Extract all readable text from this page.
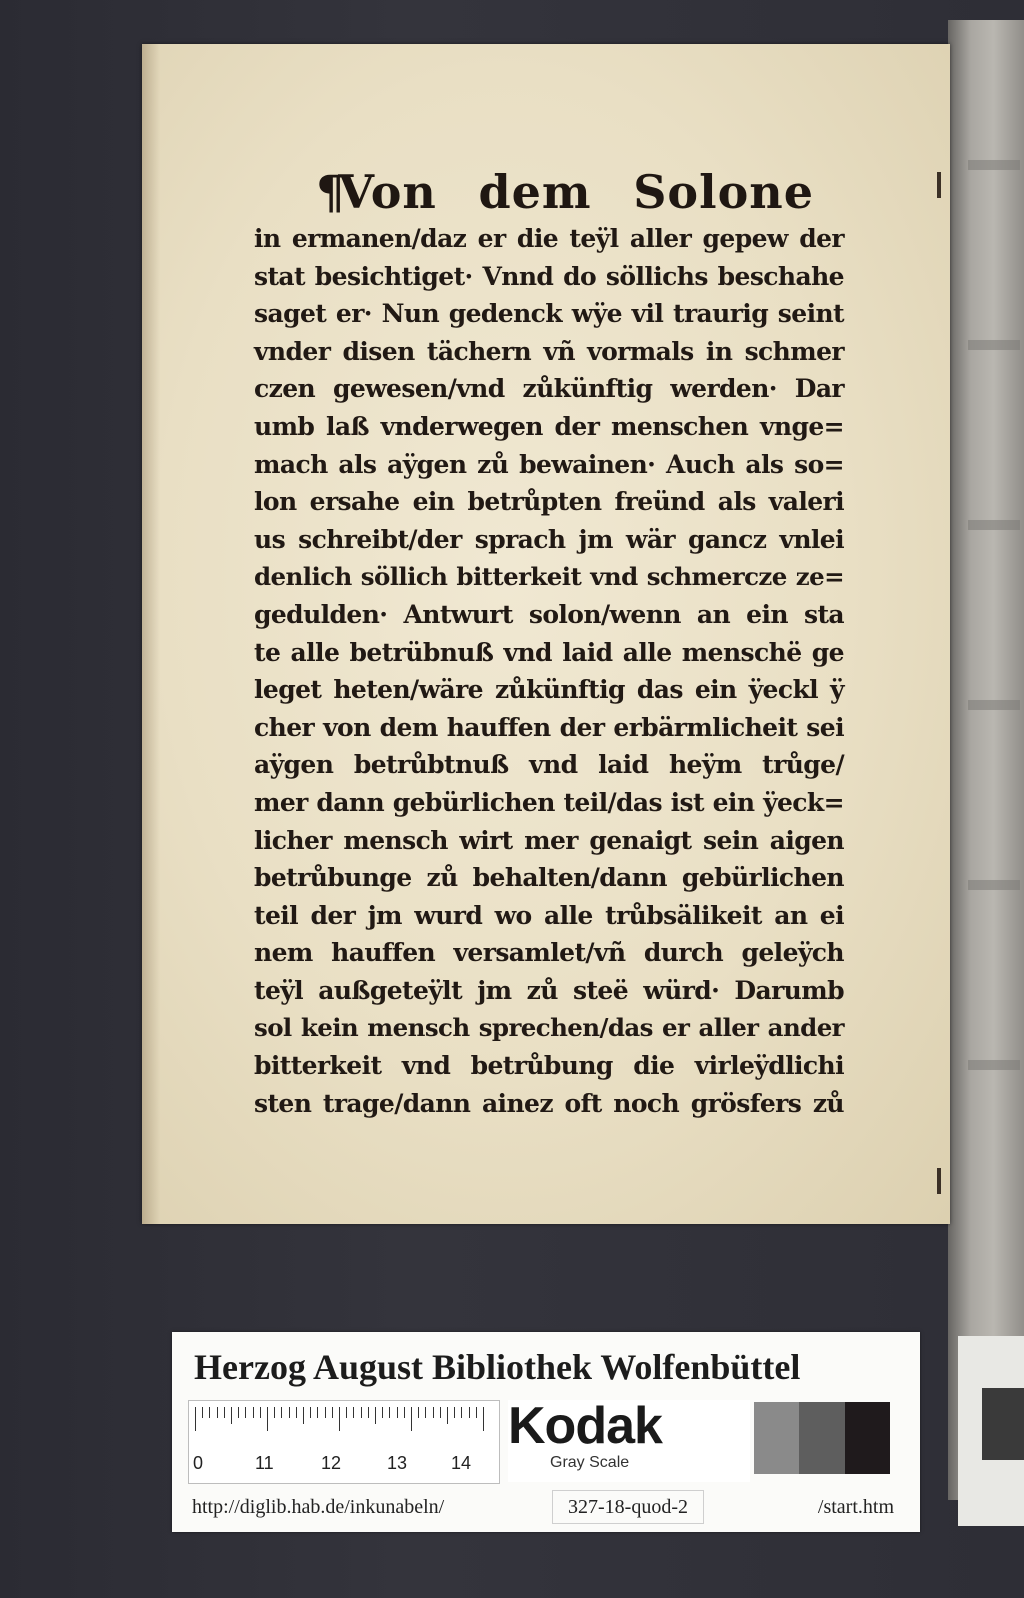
¶Von dem Solone
in ermanen/daz er die teÿl aller gepew der
stat besichtiget· Vnnd do söllichs beschahe
saget er· Nun gedenck wÿe vil traurig seint
vnder disen tächern vñ vormals in schmer
czen gewesen/vnd zůkünftig werden· Dar
umb laß vnderwegen der menschen vnge=
mach als aÿgen zů bewainen· Auch als so=
lon ersahe ein betrůpten freünd als valeri
us schreibt/der sprach jm wär gancz vnlei
denlich söllich bitterkeit vnd schmercze ze=
gedulden· Antwurt solon/wenn an ein sta
te alle betrübnuß vnd laid alle menschë ge
leget heten/wäre zůkünftig das ein ÿeckl ÿ
cher von dem hauffen der erbärmlicheit sei
aÿgen betrůbtnuß vnd laid heÿm trůge/
mer dann gebürlichen teil/das ist ein ÿeck=
licher mensch wirt mer genaigt sein aigen
betrůbunge zů behalten/dann gebürlichen
teil der jm wurd wo alle trůbsälikeit an ei
nem hauffen versamlet/vñ durch geleÿch
teÿl außgeteÿlt jm zů steë würd· Darumb
sol kein mensch sprechen/das er aller ander
bitterkeit vnd betrůbung die virleÿdlichi
sten trage/dann ainez oft noch grösfers zů
Herzog August Bibliothek Wolfenbüttel
0	11	12	13 14
Kodak
Gray Scale
http://diglib.hab.de/inkunabeln/	327-18-quod-2	/start.htm
